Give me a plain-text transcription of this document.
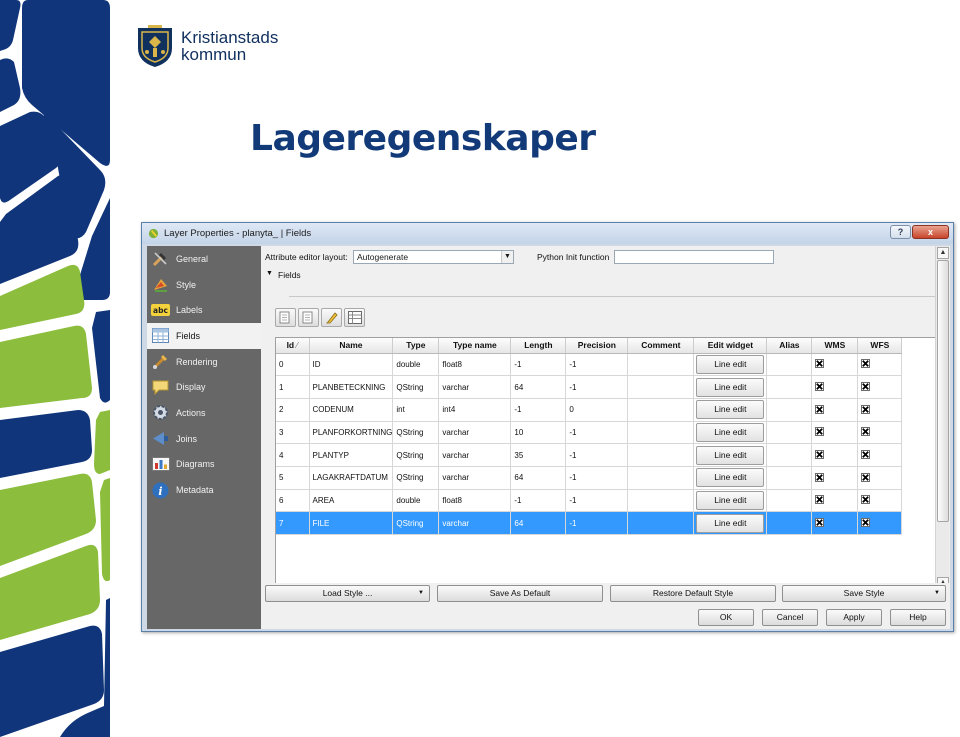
Kristianstads
kommun
Lageregenskaper
Layer Properties - planyta_ | Fields	?	x
General
Style
abc Labels
Fields
Rendering
Display
Actions
Joins
Diagrams
i Metadata
Attribute editor layout:	Autogenerate	▼	Python Init function
▼ Fields
Id ⁄	Name	Type	Type name	Length	Precision	Comment	Edit widget	Alias	WMS	WFS
0	ID	double	float8	-1	-1		Line edit

1	PLANBETECKNING	QString	varchar	64	-1		Line edit

2	CODENUM	int	int4	-1	0		Line edit

3	PLANFORKORTNING	QString	varchar	10	-1		Line edit

4	PLANTYP	QString	varchar	35	-1		Line edit

5	LAGAKRAFTDATUM	QString	varchar	64	-1		Line edit

6	AREA	double	float8	-1	-1		Line edit

7	FILE	QString	varchar	64	-1		Line edit

▲
Load Style ...	▼	Save As Default	Restore Default Style	Save Style	▼
OK	Cancel	Apply	Help
